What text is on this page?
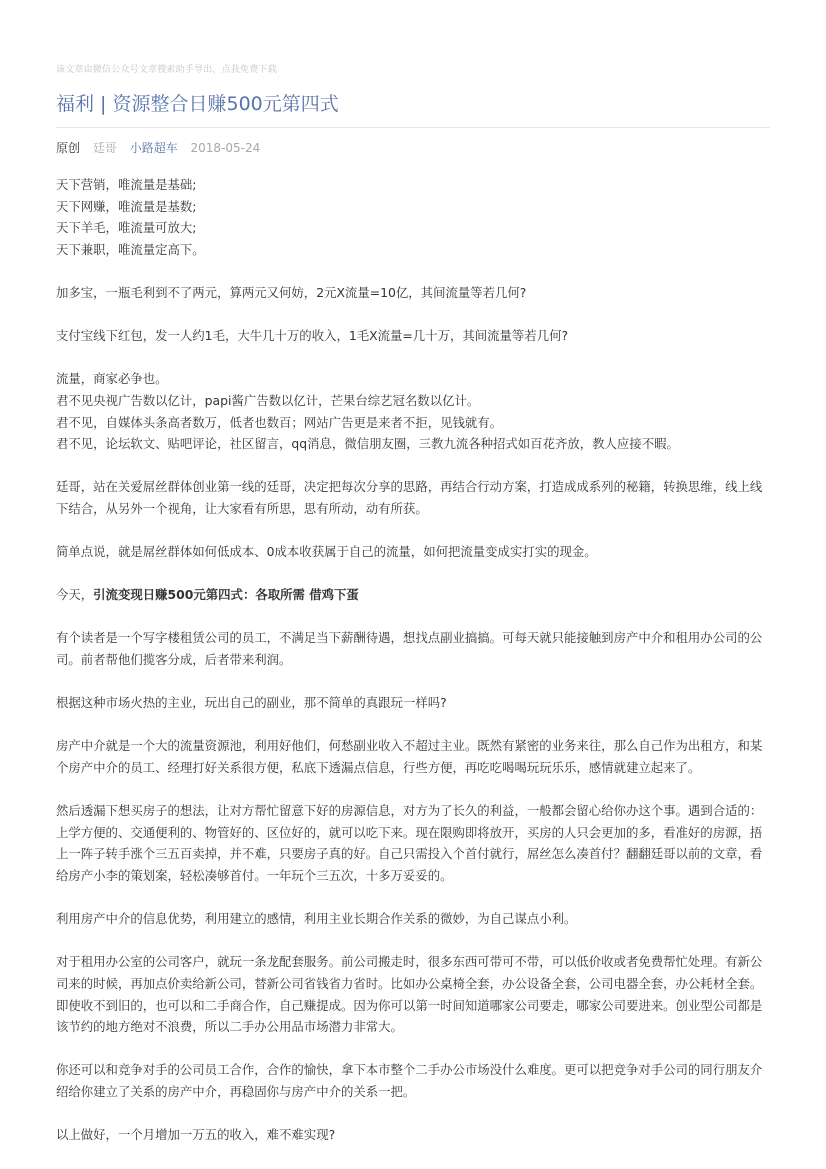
该文章由微信公众号文章搜索助手导出，点我免费下载
福利 | 资源整合日赚500元第四式
原创 廷哥 小路超车 2018-05-24

天下营销，唯流量是基础;
天下网赚，唯流量是基数;
天下羊毛，唯流量可放大;
天下兼职，唯流量定高下。

加多宝，一瓶毛利到不了两元，算两元又何妨，2元X流量=10亿，其间流量等若几何?

支付宝线下红包，发一人约1毛，大牛几十万的收入，1毛X流量=几十万，其间流量等若几何?

流量，商家必争也。
君不见央视广告数以亿计，papi酱广告数以亿计，芒果台综艺冠名数以亿计。
君不见，自媒体头条高者数万，低者也数百；网站广告更是来者不拒，见钱就有。
君不见，论坛软文、贴吧评论，社区留言，qq消息，微信朋友圈，三教九流各种招式如百花齐放，教人应接不暇。

廷哥，站在关爱屌丝群体创业第一线的廷哥，决定把每次分享的思路，再结合行动方案，打造成成系列的秘籍，转换思维，线上线下结合，从另外一个视角，让大家看有所思，思有所动，动有所获。

简单点说，就是屌丝群体如何低成本、0成本收获属于自己的流量，如何把流量变成实打实的现金。

今天，引流变现日赚500元第四式：各取所需 借鸡下蛋

有个读者是一个写字楼租赁公司的员工，不满足当下薪酬待遇，想找点副业搞搞。可每天就只能接触到房产中介和租用办公司的公司。前者帮他们揽客分成，后者带来利润。

根据这种市场火热的主业，玩出自己的副业，那不简单的真跟玩一样吗?

房产中介就是一个大的流量资源池，利用好他们，何愁副业收入不超过主业。既然有紧密的业务来往，那么自己作为出租方，和某个房产中介的员工、经理打好关系很方便，私底下透漏点信息，行些方便，再吃吃喝喝玩玩乐乐，感情就建立起来了。

然后透漏下想买房子的想法，让对方帮忙留意下好的房源信息，对方为了长久的利益，一般都会留心给你办这个事。遇到合适的：上学方便的、交通便利的、物管好的、区位好的，就可以吃下来。现在限购即将放开，买房的人只会更加的多，看准好的房源，捂上一阵子转手涨个三五百卖掉，并不难，只要房子真的好。自己只需投入个首付就行，屌丝怎么凑首付？翻翻廷哥以前的文章，看给房产小李的策划案，轻松凑够首付。一年玩个三五次，十多万妥妥的。

利用房产中介的信息优势，利用建立的感情，利用主业长期合作关系的微妙，为自己谋点小利。

对于租用办公室的公司客户，就玩一条龙配套服务。前公司搬走时，很多东西可带可不带，可以低价收或者免费帮忙处理。有新公司来的时候，再加点价卖给新公司，替新公司省钱省力省时。比如办公桌椅全套，办公设备全套，公司电器全套，办公耗材全套。即使收不到旧的，也可以和二手商合作，自己赚提成。因为你可以第一时间知道哪家公司要走，哪家公司要进来。创业型公司都是该节约的地方绝对不浪费，所以二手办公用品市场潜力非常大。

你还可以和竞争对手的公司员工合作，合作的愉快，拿下本市整个二手办公市场没什么难度。更可以把竞争对手公司的同行朋友介绍给你建立了关系的房产中介，再稳固你与房产中介的关系一把。

以上做好，一个月增加一万五的收入，难不难实现?
